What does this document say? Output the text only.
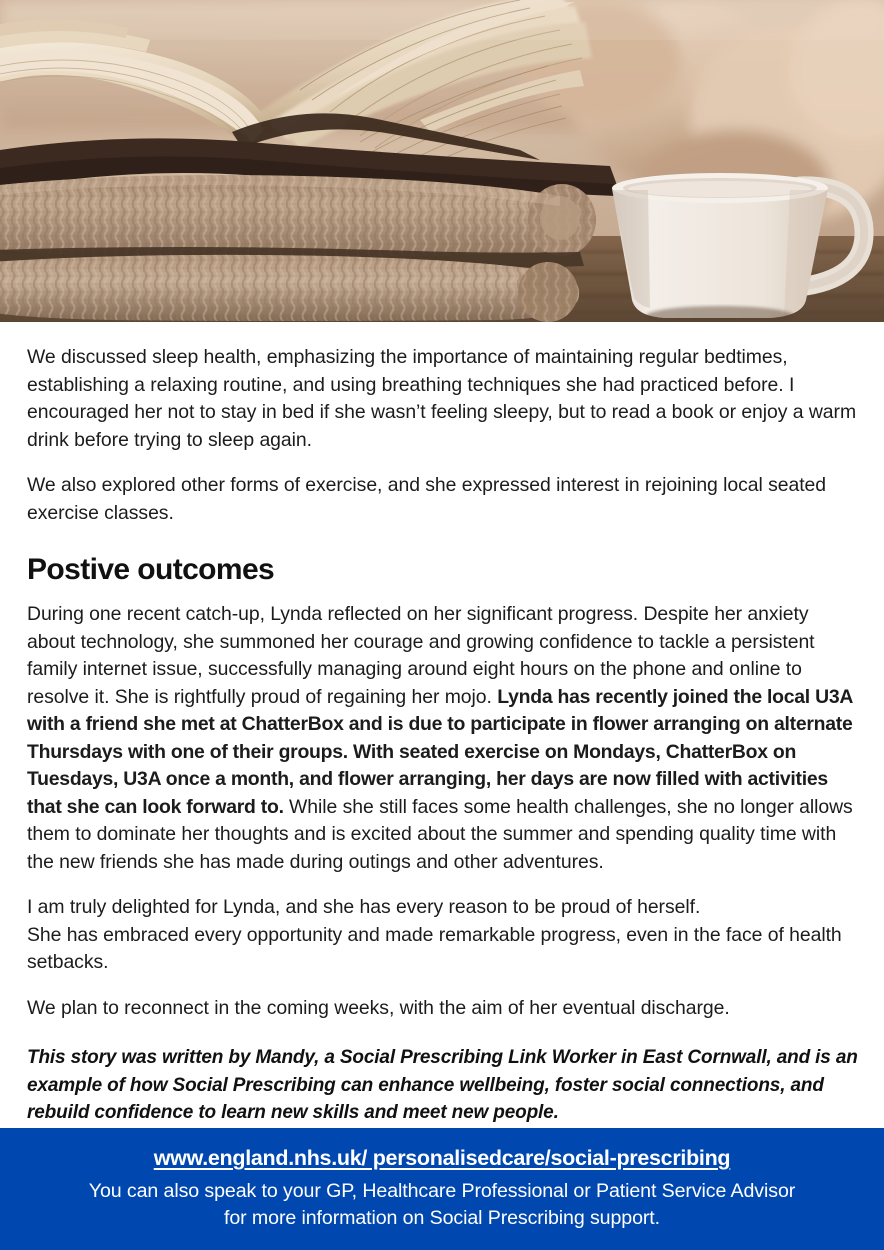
We discussed sleep health, emphasizing the importance of maintaining regular bedtimes, establishing a relaxing routine, and using breathing techniques she had practiced before. I encouraged her not to stay in bed if she wasn’t feeling sleepy, but to read a book or enjoy a warm drink before trying to sleep again.

We also explored other forms of exercise, and she expressed interest in rejoining local seated exercise classes.

Postive outcomes

During one recent catch-up, Lynda reflected on her significant progress. Despite her anxiety about technology, she summoned her courage and growing confidence to tackle a persistent family internet issue, successfully managing around eight hours on the phone and online to resolve it. She is rightfully proud of regaining her mojo. Lynda has recently joined the local U3A with a friend she met at ChatterBox and is due to participate in flower arranging on alternate Thursdays with one of their groups. With seated exercise on Mondays, ChatterBox on Tuesdays, U3A once a month, and flower arranging, her days are now filled with activities that she can look forward to. While she still faces some health challenges, she no longer allows them to dominate her thoughts and is excited about the summer and spending quality time with the new friends she has made during outings and other adventures.

I am truly delighted for Lynda, and she has every reason to be proud of herself.

She has embraced every opportunity and made remarkable progress, even in the face of health setbacks.

We plan to reconnect in the coming weeks, with the aim of her eventual discharge.

This story was written by Mandy, a Social Prescribing Link Worker in East Cornwall, and is an example of how Social Prescribing can enhance wellbeing, foster social connections, and rebuild confidence to learn new skills and meet new people.

www.england.nhs.uk/ personalisedcare/social-prescribing

You can also speak to your GP, Healthcare Professional or Patient Service Advisor
for more information on Social Prescribing support.
